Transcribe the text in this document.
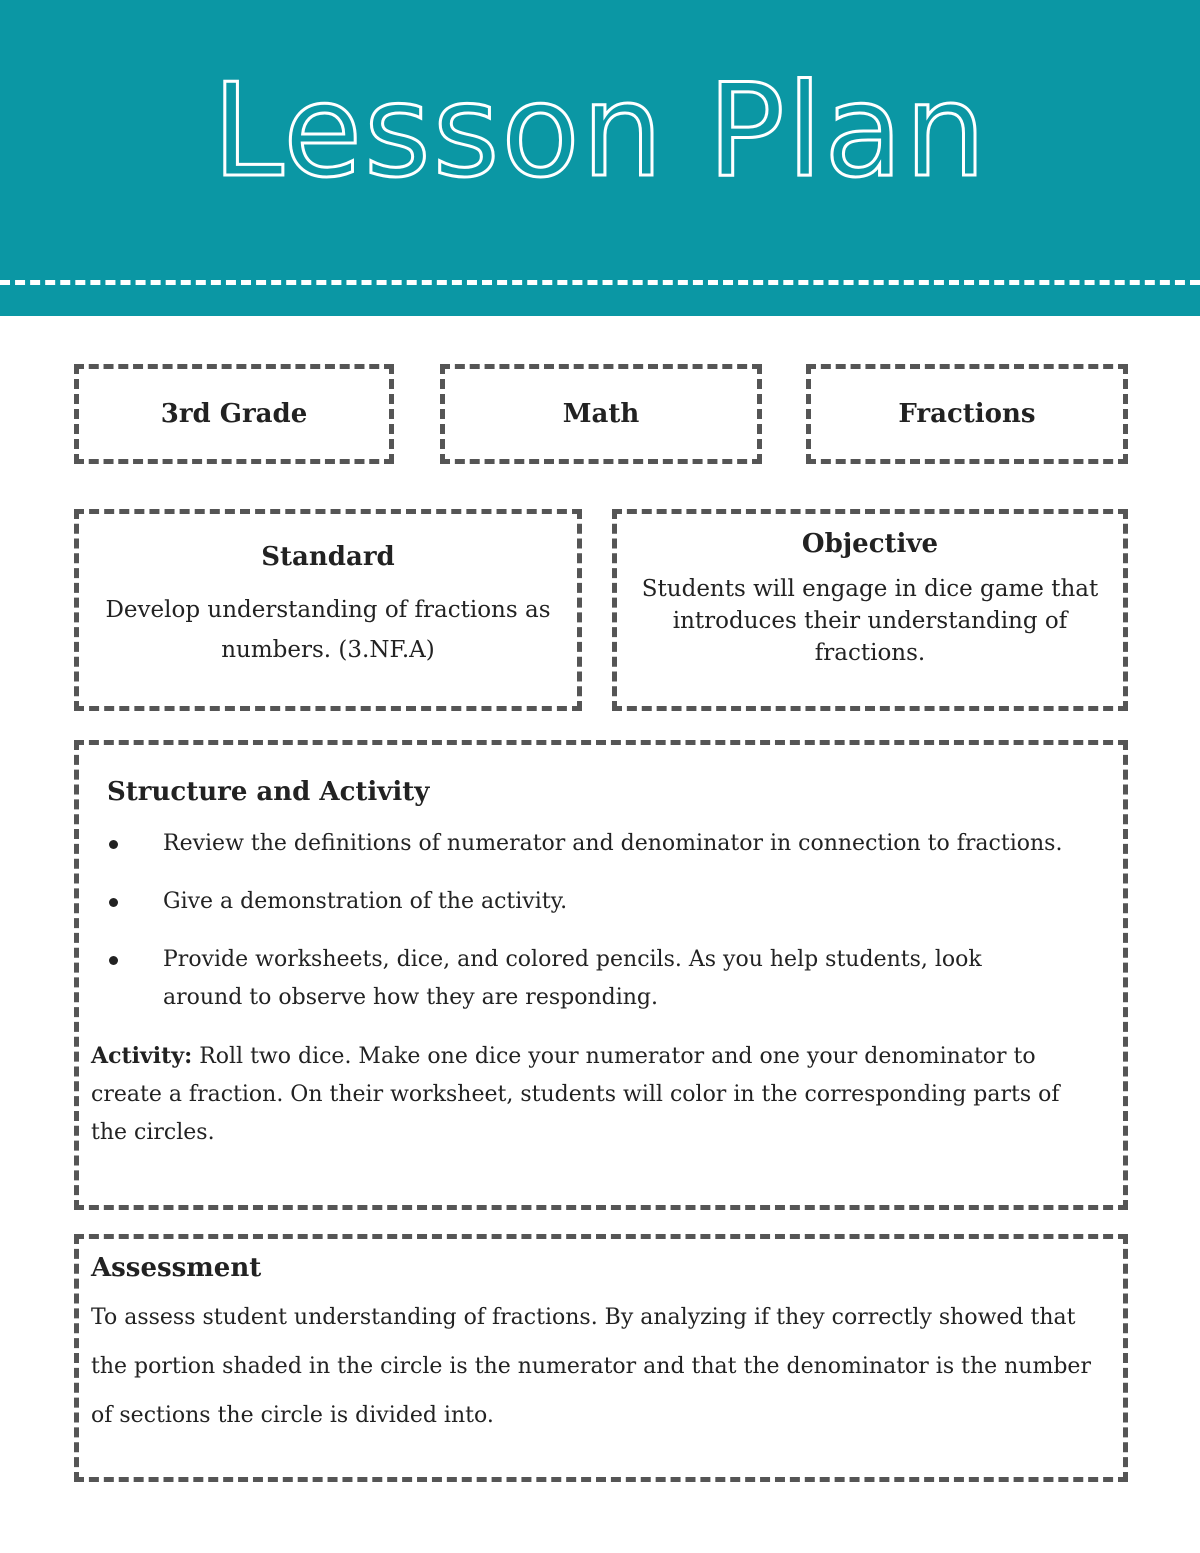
Lesson Plan
3rd Grade	Math	Fractions
Standard
Develop understanding of fractions as numbers. (3.NF.A)
Objective
Students will engage in dice game that introduces their understanding of fractions.
Structure and Activity
Review the definitions of numerator and denominator in connection to fractions.
Give a demonstration of the activity.
Provide worksheets, dice, and colored pencils. As you help students, look around to observe how they are responding.
Activity: Roll two dice. Make one dice your numerator and one your denominator to create a fraction. On their worksheet, students will color in the corresponding parts of the circles.
Assessment
To assess student understanding of fractions. By analyzing if they correctly showed that the portion shaded in the circle is the numerator and that the denominator is the number of sections the circle is divided into.
